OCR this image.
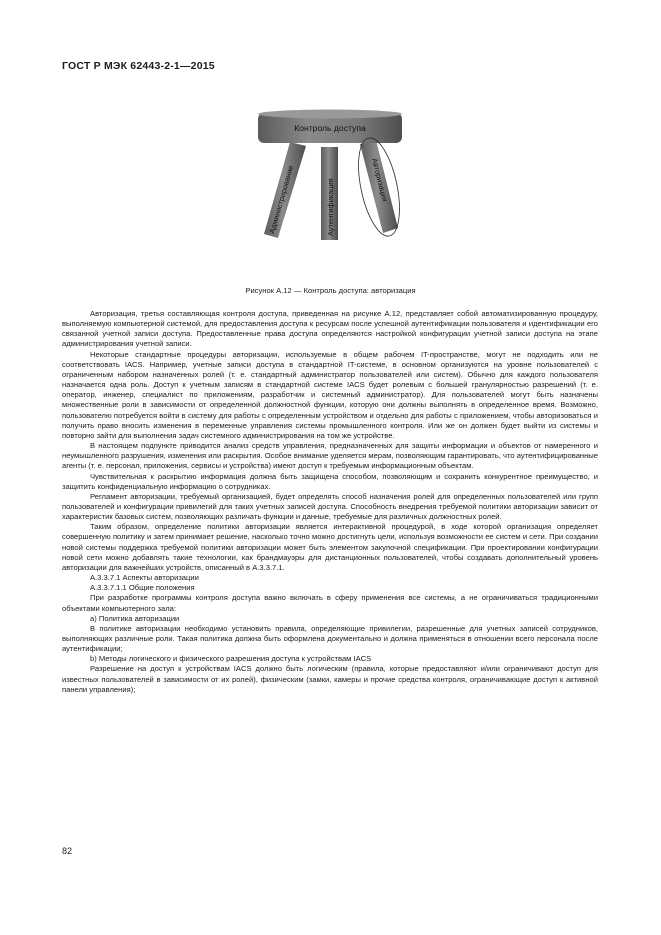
ГОСТ Р МЭК 62443-2-1—2015
Контроль доступа
Администрирование	Аутентификация	Авторизация
Рисунок А.12 — Контроль доступа: авторизация

Авторизация, третья составляющая контроля доступа, приведенная на рисунке А.12, представляет собой автоматизированную процедуру, выполняемую компьютерной системой, для предоставления доступа к ресурсам после успешной аутентификации пользователя и идентификации его связанной учетной записи доступа. Предоставленные права доступа определяются настройкой конфигурации учетной записи доступа на этапе администрирования учетной записи.

Некоторые стандартные процедуры авторизации, используемые в общем рабочем IT-пространстве, могут не подходить или не соответствовать IACS. Например, учетные записи доступа в стандартной IT-системе, в основном организуются на уровне пользователей с ограниченным набором назначенных ролей (т. е. стандартный администратор пользователей или систем). Обычно для каждого пользователя назначается одна роль. Доступ к учетным записям в стандартной системе IACS будет ролевым с большей гранулярностью разрешений (т. е. оператор, инженер, специалист по приложениям, разработчик и системный администратор). Для пользователей могут быть назначены множественные роли в зависимости от определенной должностной функции, которую они должны выполнять в определенное время. Возможно, пользователю потребуется войти в систему для работы с определенным устройством и отдельно для работы с приложением, чтобы авторизоваться и получить право вносить изменения в переменные управления системы промышленного контроля. Или же он должен будет выйти из системы и повторно зайти для выполнения задач системного администрирования на том же устройстве.

В настоящем подпункте приводится анализ средств управления, предназначенных для защиты информации и объектов от намеренного и неумышленного разрушения, изменения или раскрытия. Особое внимание уделяется мерам, позволяющим гарантировать, что аутентифицированные агенты (т. е. персонал, приложения, сервисы и устройства) имеют доступ к требуемым информационным объектам.

Чувствительная к раскрытию информация должна быть защищена способом, позволяющим и сохранить конкурентное преимущество, и защитить конфиденциальную информацию о сотрудниках.

Регламент авторизации, требуемый организацией, будет определять способ назначения ролей для определенных пользователей или групп пользователей и конфигурации привилегий для таких учетных записей доступа. Способность внедрения требуемой политики авторизации зависит от характеристик базовых систем, позволяющих различать функции и данные, требуемые для различных должностных ролей.

Таким образом, определение политики авторизации является интерактивной процедурой, в ходе которой организация определяет совершенную политику и затем принимает решение, насколько точно можно достигнуть цели, используя возможности ее систем и сети. При создании новой системы поддержка требуемой политики авторизации может быть элементом закупочной спецификации. При проектировании конфигурации новой сети можно добавлять такие технологии, как брандмауэры для дистанционных пользователей, чтобы создавать дополнительный уровень авторизации для важнейших устройств, описанный в А.3.3.7.1.

А.3.3.7.1 Аспекты авторизации

А.3.3.7.1.1 Общие положения

При разработке программы контроля доступа важно включать в сферу применения все системы, а не ограничиваться традиционными объектами компьютерного зала:

а) Политика авторизации

В политике авторизации необходимо установить правила, определяющие привилегии, разрешенные для учетных записей сотрудников, выполняющих различные роли. Такая политика должна быть оформлена документально и должна применяться в отношении всего персонала после аутентификации;

b) Методы логического и физического разрешения доступа к устройствам IACS

Разрешение на доступ к устройствам IACS должно быть логическим (правила, которые предоставляют и/или ограничивают доступ для известных пользователей в зависимости от их ролей), физическим (замки, камеры и прочие средства контроля, ограничивающие доступ к активной панели управления);

82
